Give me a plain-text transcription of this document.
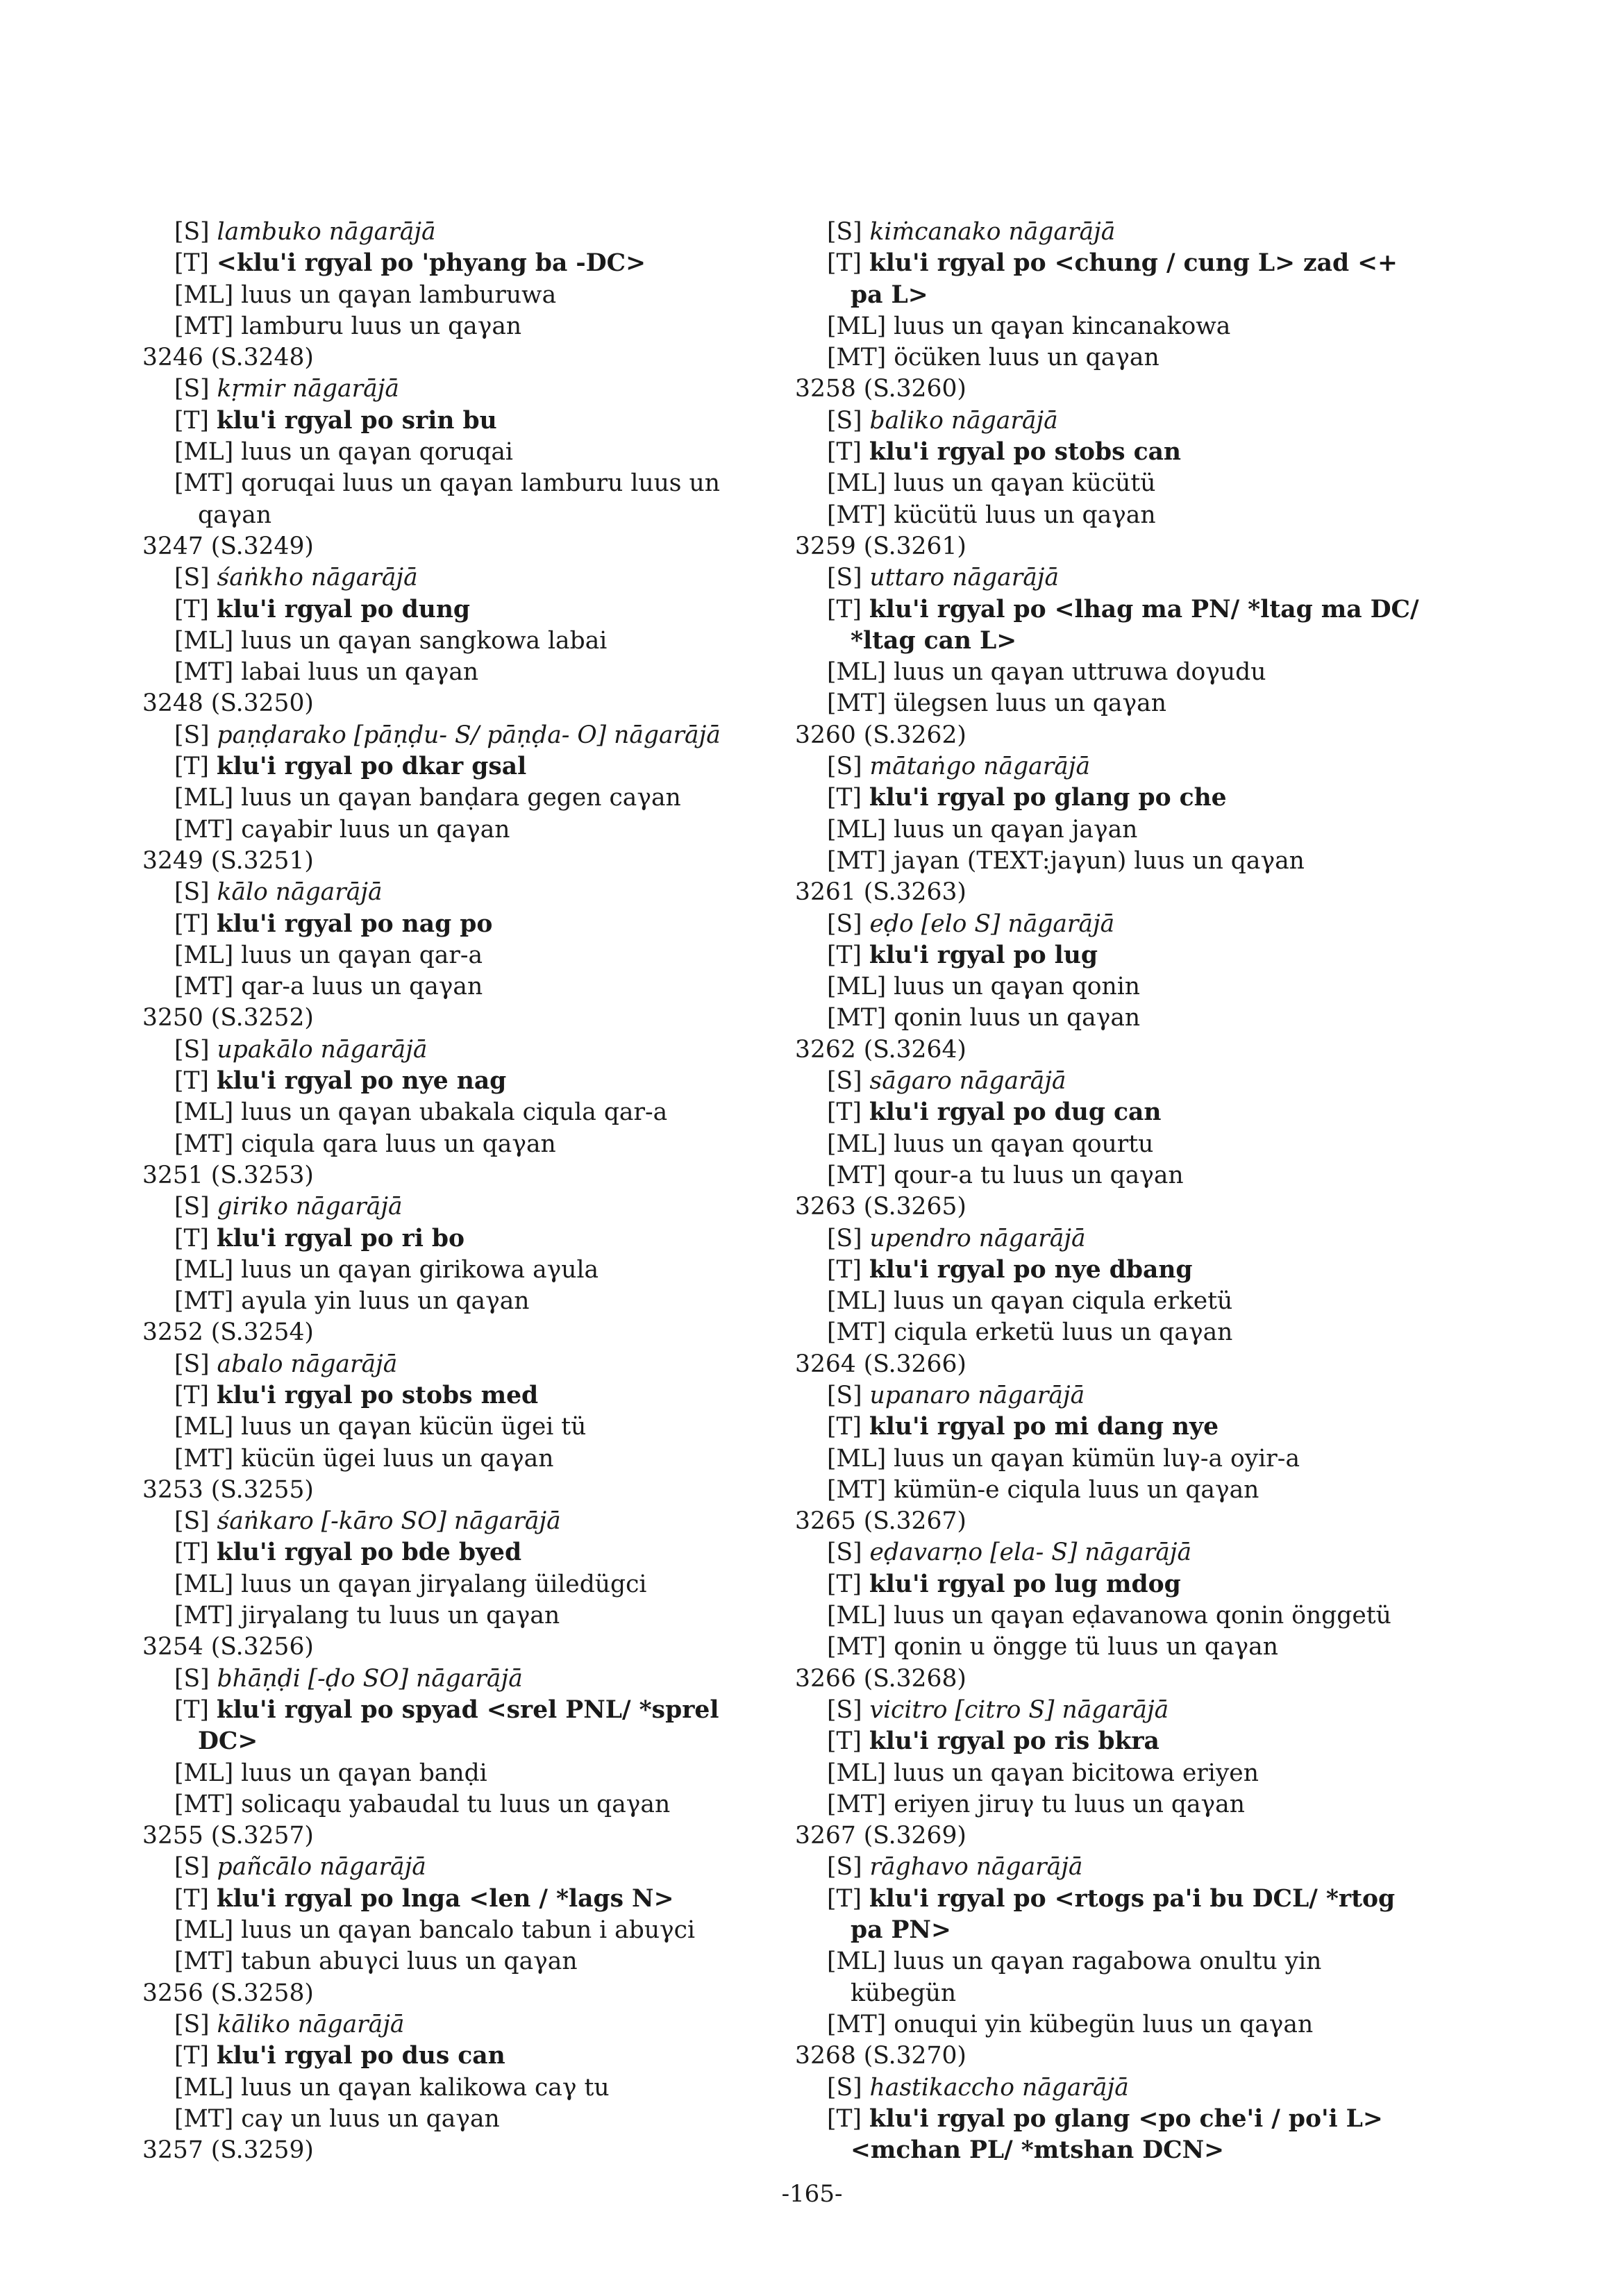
[S] lambuko nāgarājā
[T] <klu'i rgyal po 'phyang ba -DC>
[ML] luus un qaγan lamburuwa
[MT] lamburu luus un qaγan
3246 (S.3248)
[S] kṛmir nāgarājā
[T] klu'i rgyal po srin bu
[ML] luus un qaγan qoruqai
[MT] qoruqai luus un qaγan lamburu luus un
qaγan
3247 (S.3249)
[S] śaṅkho nāgarājā
[T] klu'i rgyal po dung
[ML] luus un qaγan sangkowa labai
[MT] labai luus un qaγan
3248 (S.3250)
[S] paṇḍarako [pāṇḍu- S/ pāṇḍa- O] nāgarājā
[T] klu'i rgyal po dkar gsal
[ML] luus un qaγan banḍara gegen caγan
[MT] caγabir luus un qaγan
3249 (S.3251)
[S] kālo nāgarājā
[T] klu'i rgyal po nag po
[ML] luus un qaγan qar-a
[MT] qar-a luus un qaγan
3250 (S.3252)
[S] upakālo nāgarājā
[T] klu'i rgyal po nye nag
[ML] luus un qaγan ubakala ciqula qar-a
[MT] ciqula qara luus un qaγan
3251 (S.3253)
[S] giriko nāgarājā
[T] klu'i rgyal po ri bo
[ML] luus un qaγan girikowa aγula
[MT] aγula yin luus un qaγan
3252 (S.3254)
[S] abalo nāgarājā
[T] klu'i rgyal po stobs med
[ML] luus un qaγan kücün ügei tü
[MT] kücün ügei luus un qaγan
3253 (S.3255)
[S] śaṅkaro [-kāro SO] nāgarājā
[T] klu'i rgyal po bde byed
[ML] luus un qaγan jirγalang üiledügci
[MT] jirγalang tu luus un qaγan
3254 (S.3256)
[S] bhāṇḍi [-ḍo SO] nāgarājā
[T] klu'i rgyal po spyad <srel PNL/ *sprel
DC>
[ML] luus un qaγan banḍi
[MT] solicaqu yabaudal tu luus un qaγan
3255 (S.3257)
[S] pañcālo nāgarājā
[T] klu'i rgyal po lnga <len / *lags N>
[ML] luus un qaγan bancalo tabun i abuγci
[MT] tabun abuγci luus un qaγan
3256 (S.3258)
[S] kāliko nāgarājā
[T] klu'i rgyal po dus can
[ML] luus un qaγan kalikowa caγ tu
[MT] caγ un luus un qaγan
3257 (S.3259)
[S] kiṁcanako nāgarājā
[T] klu'i rgyal po <chung / cung L> zad <+
pa L>
[ML] luus un qaγan kincanakowa
[MT] öcüken luus un qaγan
3258 (S.3260)
[S] baliko nāgarājā
[T] klu'i rgyal po stobs can
[ML] luus un qaγan kücütü
[MT] kücütü luus un qaγan
3259 (S.3261)
[S] uttaro nāgarājā
[T] klu'i rgyal po <lhag ma PN/ *ltag ma DC/
*ltag can L>
[ML] luus un qaγan uttruwa doγudu
[MT] ülegsen luus un qaγan
3260 (S.3262)
[S] mātaṅgo nāgarājā
[T] klu'i rgyal po glang po che
[ML] luus un qaγan jaγan
[MT] jaγan (TEXT:jaγun) luus un qaγan
3261 (S.3263)
[S] eḍo [elo S] nāgarājā
[T] klu'i rgyal po lug
[ML] luus un qaγan qonin
[MT] qonin luus un qaγan
3262 (S.3264)
[S] sāgaro nāgarājā
[T] klu'i rgyal po dug can
[ML] luus un qaγan qourtu
[MT] qour-a tu luus un qaγan
3263 (S.3265)
[S] upendro nāgarājā
[T] klu'i rgyal po nye dbang
[ML] luus un qaγan ciqula erketü
[MT] ciqula erketü luus un qaγan
3264 (S.3266)
[S] upanaro nāgarājā
[T] klu'i rgyal po mi dang nye
[ML] luus un qaγan kümün luγ-a oyir-a
[MT] kümün-e ciqula luus un qaγan
3265 (S.3267)
[S] eḍavarṇo [ela- S] nāgarājā
[T] klu'i rgyal po lug mdog
[ML] luus un qaγan eḍavanowa qonin önggetü
[MT] qonin u öngge tü luus un qaγan
3266 (S.3268)
[S] vicitro [citro S] nāgarājā
[T] klu'i rgyal po ris bkra
[ML] luus un qaγan bicitowa eriyen
[MT] eriyen jiruγ tu luus un qaγan
3267 (S.3269)
[S] rāghavo nāgarājā
[T] klu'i rgyal po <rtogs pa'i bu DCL/ *rtog
pa PN>
[ML] luus un qaγan ragabowa onultu yin
kübegün
[MT] onuqui yin kübegün luus un qaγan
3268 (S.3270)
[S] hastikaccho nāgarājā
[T] klu'i rgyal po glang <po che'i / po'i L>
<mchan PL/ *mtshan DCN>
-165-
